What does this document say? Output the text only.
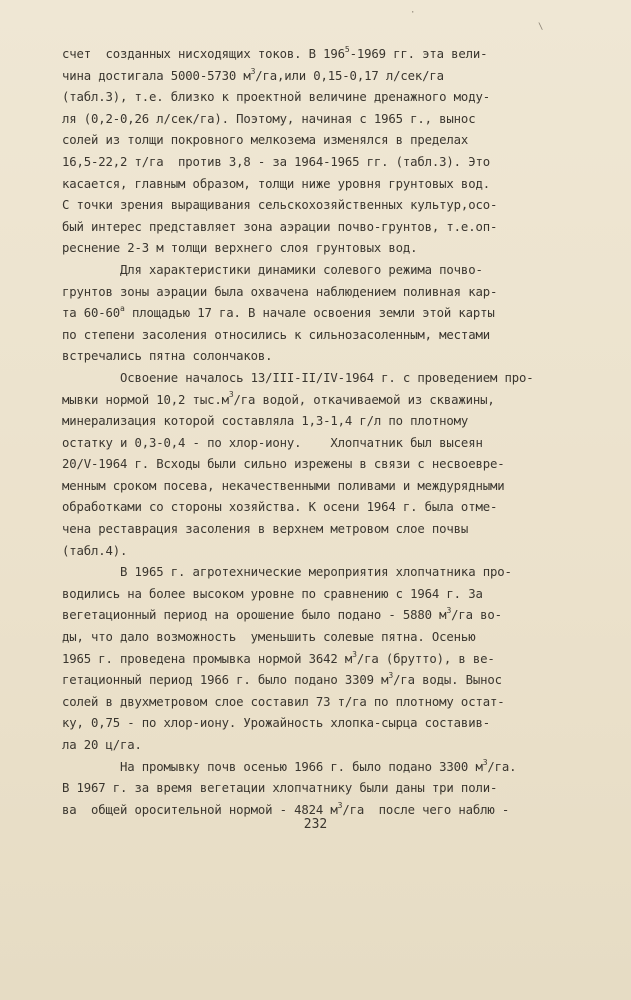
·
\
счет  созданных нисходящих токов. В $196^5-1969$ гг. эта вели-
чина достигала 5000-5730 $м^3/га,или$ 0,15-0,17 л/сек/га
(табл.3), т.е. близко к проектной величине дренажного моду-
ля (0,2-0,26 л/сек/га). Поэтому, начиная с 1965 г., вынос
солей из толщи покровного мелкозема изменялся в пределах
16,5-22,2 т/га  против 3,8 - за 1964-1965 гг. (табл.3). Это
касается, главным образом, толщи ниже уровня грунтовых вод.
С точки зрения выращивания сельскохозяйственных культур,осо-
бый интерес представляет зона аэрации почво-грунтов, т.е.оп-
реснение 2-3 м толщи верхнего слоя грунтовых вод.
Для характеристики динамики солевого режима почво-
грунтов зоны аэрации была охвачена наблюдением поливная кар-
та $60-60^а$ площадью 17 га. В начале освоения земли этой карты
по степени засоления относились к сильнозасоленным, местами
встречались пятна солончаков.
Освоение началось 13/III-II/IV-1964 г. с проведением про-
мывки нормой 10,2 $тыс.м^3/га$ водой, откачиваемой из скважины,
минерализация которой составляла 1,3-1,4 г/л по плотному
остатку и 0,3-0,4 - по хлор-иону.    Хлопчатник был высеян
20/V-1964 г. Всходы были сильно изрежены в связи с несвоевре-
менным сроком посева, некачественными поливами и междурядными
обработками со стороны хозяйства. К осени 1964 г. была отме-
чена реставрация засоления в верхнем метровом слое почвы
(табл.4).
В 1965 г. агротехнические мероприятия хлопчатника про-
водились на более высоком уровне по сравнению с 1964 г. За
вегетационный период на орошение было подано - 5880 $м^3/га$ во-
ды, что дало возможность  уменьшить солевые пятна. Осенью
1965 г. проведена промывка нормой 3642 $м^3/га$ (брутто), в ве-
гетационный период 1966 г. было подано 3309 $м^3/га$ воды. Вынос
солей в двухметровом слое составил 73 т/га по плотному остат-
ку, 0,75 - по хлор-иону. Урожайность хлопка-сырца составив-
ла 20 ц/га.
На промывку почв осенью 1966 г. было подано 3300 $м^3/га$.
В 1967 г. за время вегетации хлопчатнику были даны три поли-
ва  общей оросительной нормой - 4824 $м^3/га$  после чего наблю -
232
